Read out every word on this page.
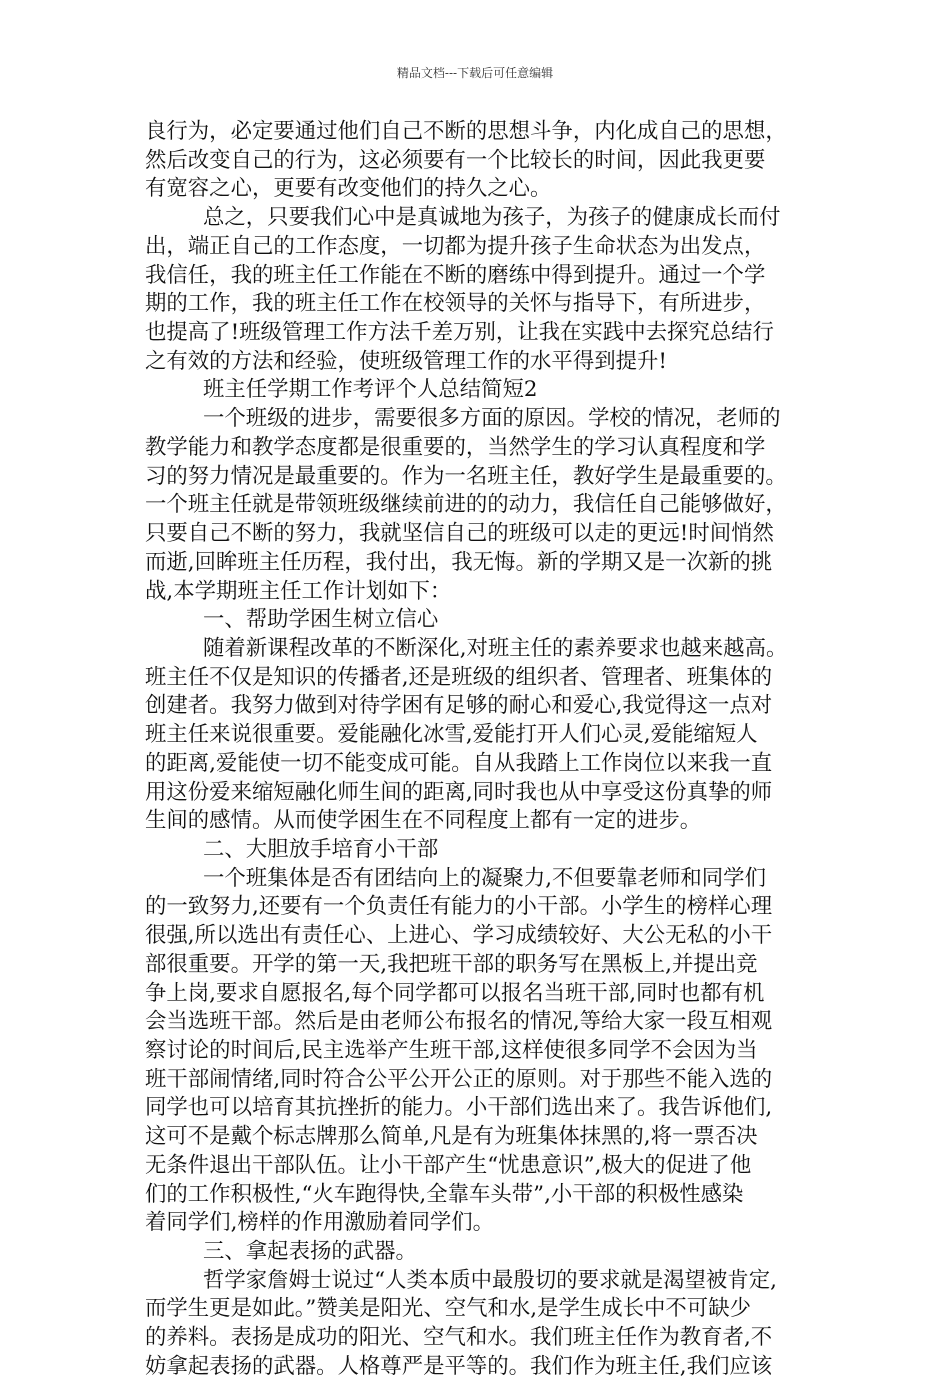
精品文档---下载后可任意编辑
良行为，必定要通过他们自己不断的思想斗争，内化成自己的思想，
然后改变自己的行为，这必须要有一个比较长的时间，因此我更要
有宽容之心，更要有改变他们的持久之心。
总之，只要我们心中是真诚地为孩子，为孩子的健康成长而付
出，端正自己的工作态度，一切都为提升孩子生命状态为出发点，
我信任，我的班主任工作能在不断的磨练中得到提升。通过一个学
期的工作，我的班主任工作在校领导的关怀与指导下，有所进步，
也提高了!班级管理工作方法千差万别，让我在实践中去探究总结行
之有效的方法和经验，使班级管理工作的水平得到提升!
班主任学期工作考评个人总结简短2
一个班级的进步，需要很多方面的原因。学校的情况，老师的
教学能力和教学态度都是很重要的，当然学生的学习认真程度和学
习的努力情况是最重要的。作为一名班主任，教好学生是最重要的。
一个班主任就是带领班级继续前进的的动力，我信任自己能够做好，
只要自己不断的努力，我就坚信自己的班级可以走的更远!时间悄然
而逝,回眸班主任历程，我付出，我无悔。新的学期又是一次新的挑
战,本学期班主任工作计划如下：
一、帮助学困生树立信心
随着新课程改革的不断深化,对班主任的素养要求也越来越高。
班主任不仅是知识的传播者,还是班级的组织者、管理者、班集体的
创建者。我努力做到对待学困有足够的耐心和爱心,我觉得这一点对
班主任来说很重要。爱能融化冰雪,爱能打开人们心灵,爱能缩短人
的距离,爱能使一切不能变成可能。自从我踏上工作岗位以来我一直
用这份爱来缩短融化师生间的距离,同时我也从中享受这份真挚的师
生间的感情。从而使学困生在不同程度上都有一定的进步。
二、大胆放手培育小干部
一个班集体是否有团结向上的凝聚力,不但要靠老师和同学们
的一致努力,还要有一个负责任有能力的小干部。小学生的榜样心理
很强,所以选出有责任心、上进心、学习成绩较好、大公无私的小干
部很重要。开学的第一天,我把班干部的职务写在黑板上,并提出竞
争上岗,要求自愿报名,每个同学都可以报名当班干部,同时也都有机
会当选班干部。然后是由老师公布报名的情况,等给大家一段互相观
察讨论的时间后,民主选举产生班干部,这样使很多同学不会因为当
班干部闹情绪,同时符合公平公开公正的原则。对于那些不能入选的
同学也可以培育其抗挫折的能力。小干部们选出来了。我告诉他们,
这可不是戴个标志牌那么简单,凡是有为班集体抹黑的,将一票否决
无条件退出干部队伍。让小干部产生“忧患意识”,极大的促进了他
们的工作积极性,“火车跑得快,全靠车头带”,小干部的积极性感染
着同学们,榜样的作用激励着同学们。
三、拿起表扬的武器。
哲学家詹姆士说过“人类本质中最殷切的要求就是渴望被肯定,
而学生更是如此。”赞美是阳光、空气和水,是学生成长中不可缺少
的养料。表扬是成功的阳光、空气和水。我们班主任作为教育者,不
妨拿起表扬的武器。人格尊严是平等的。我们作为班主任,我们应该
